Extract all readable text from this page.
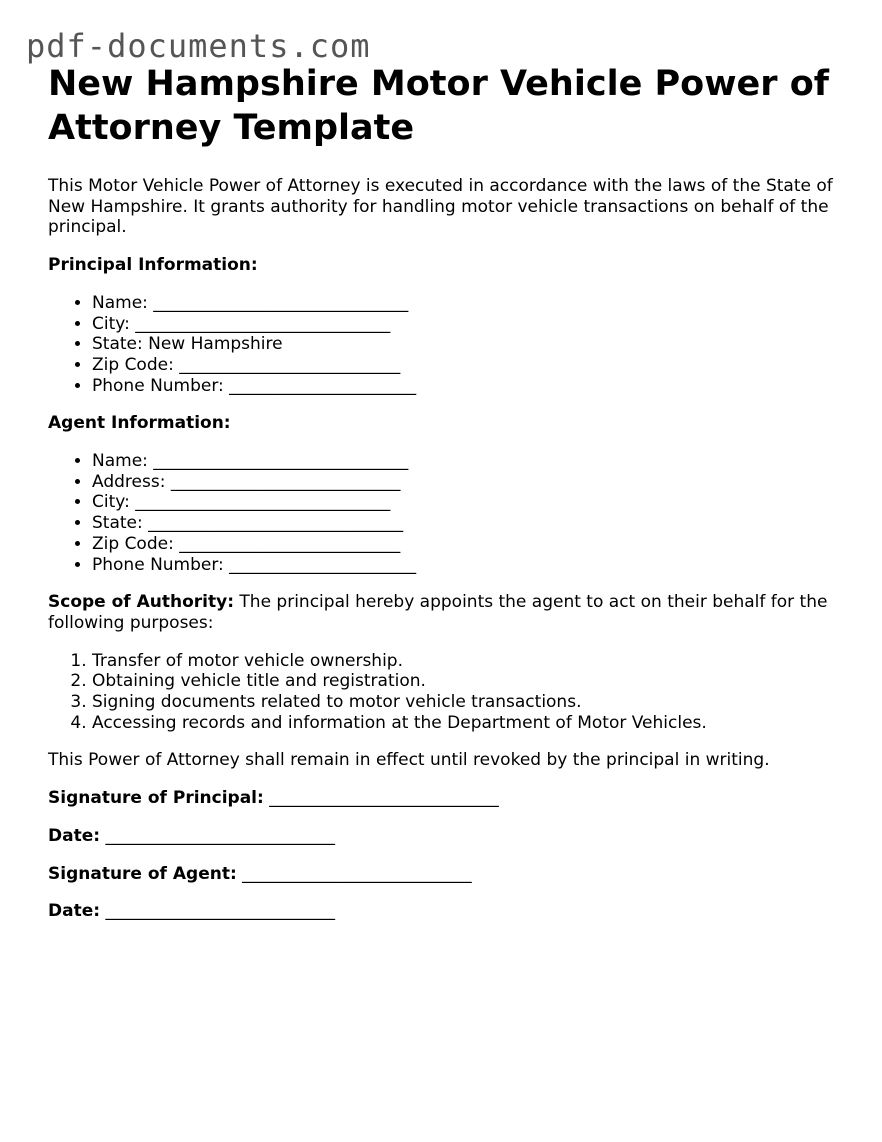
pdf-documents.com
New Hampshire Motor Vehicle Power of Attorney Template

This Motor Vehicle Power of Attorney is executed in accordance with the laws of the State of New Hampshire. It grants authority for handling motor vehicle transactions on behalf of the principal.

Principal Information:

• Name: ______________________________
• City: ______________________________
• State: New Hampshire
• Zip Code: __________________________
• Phone Number: ______________________

Agent Information:

• Name: ______________________________
• Address: ___________________________
• City: ______________________________
• State: ______________________________
• Zip Code: __________________________
• Phone Number: ______________________

Scope of Authority: The principal hereby appoints the agent to act on their behalf for the following purposes:

1. Transfer of motor vehicle ownership.
2. Obtaining vehicle title and registration.
3. Signing documents related to motor vehicle transactions.
4. Accessing records and information at the Department of Motor Vehicles.

This Power of Attorney shall remain in effect until revoked by the principal in writing.

Signature of Principal: ___________________________

Date: ___________________________

Signature of Agent: ___________________________

Date: ___________________________
